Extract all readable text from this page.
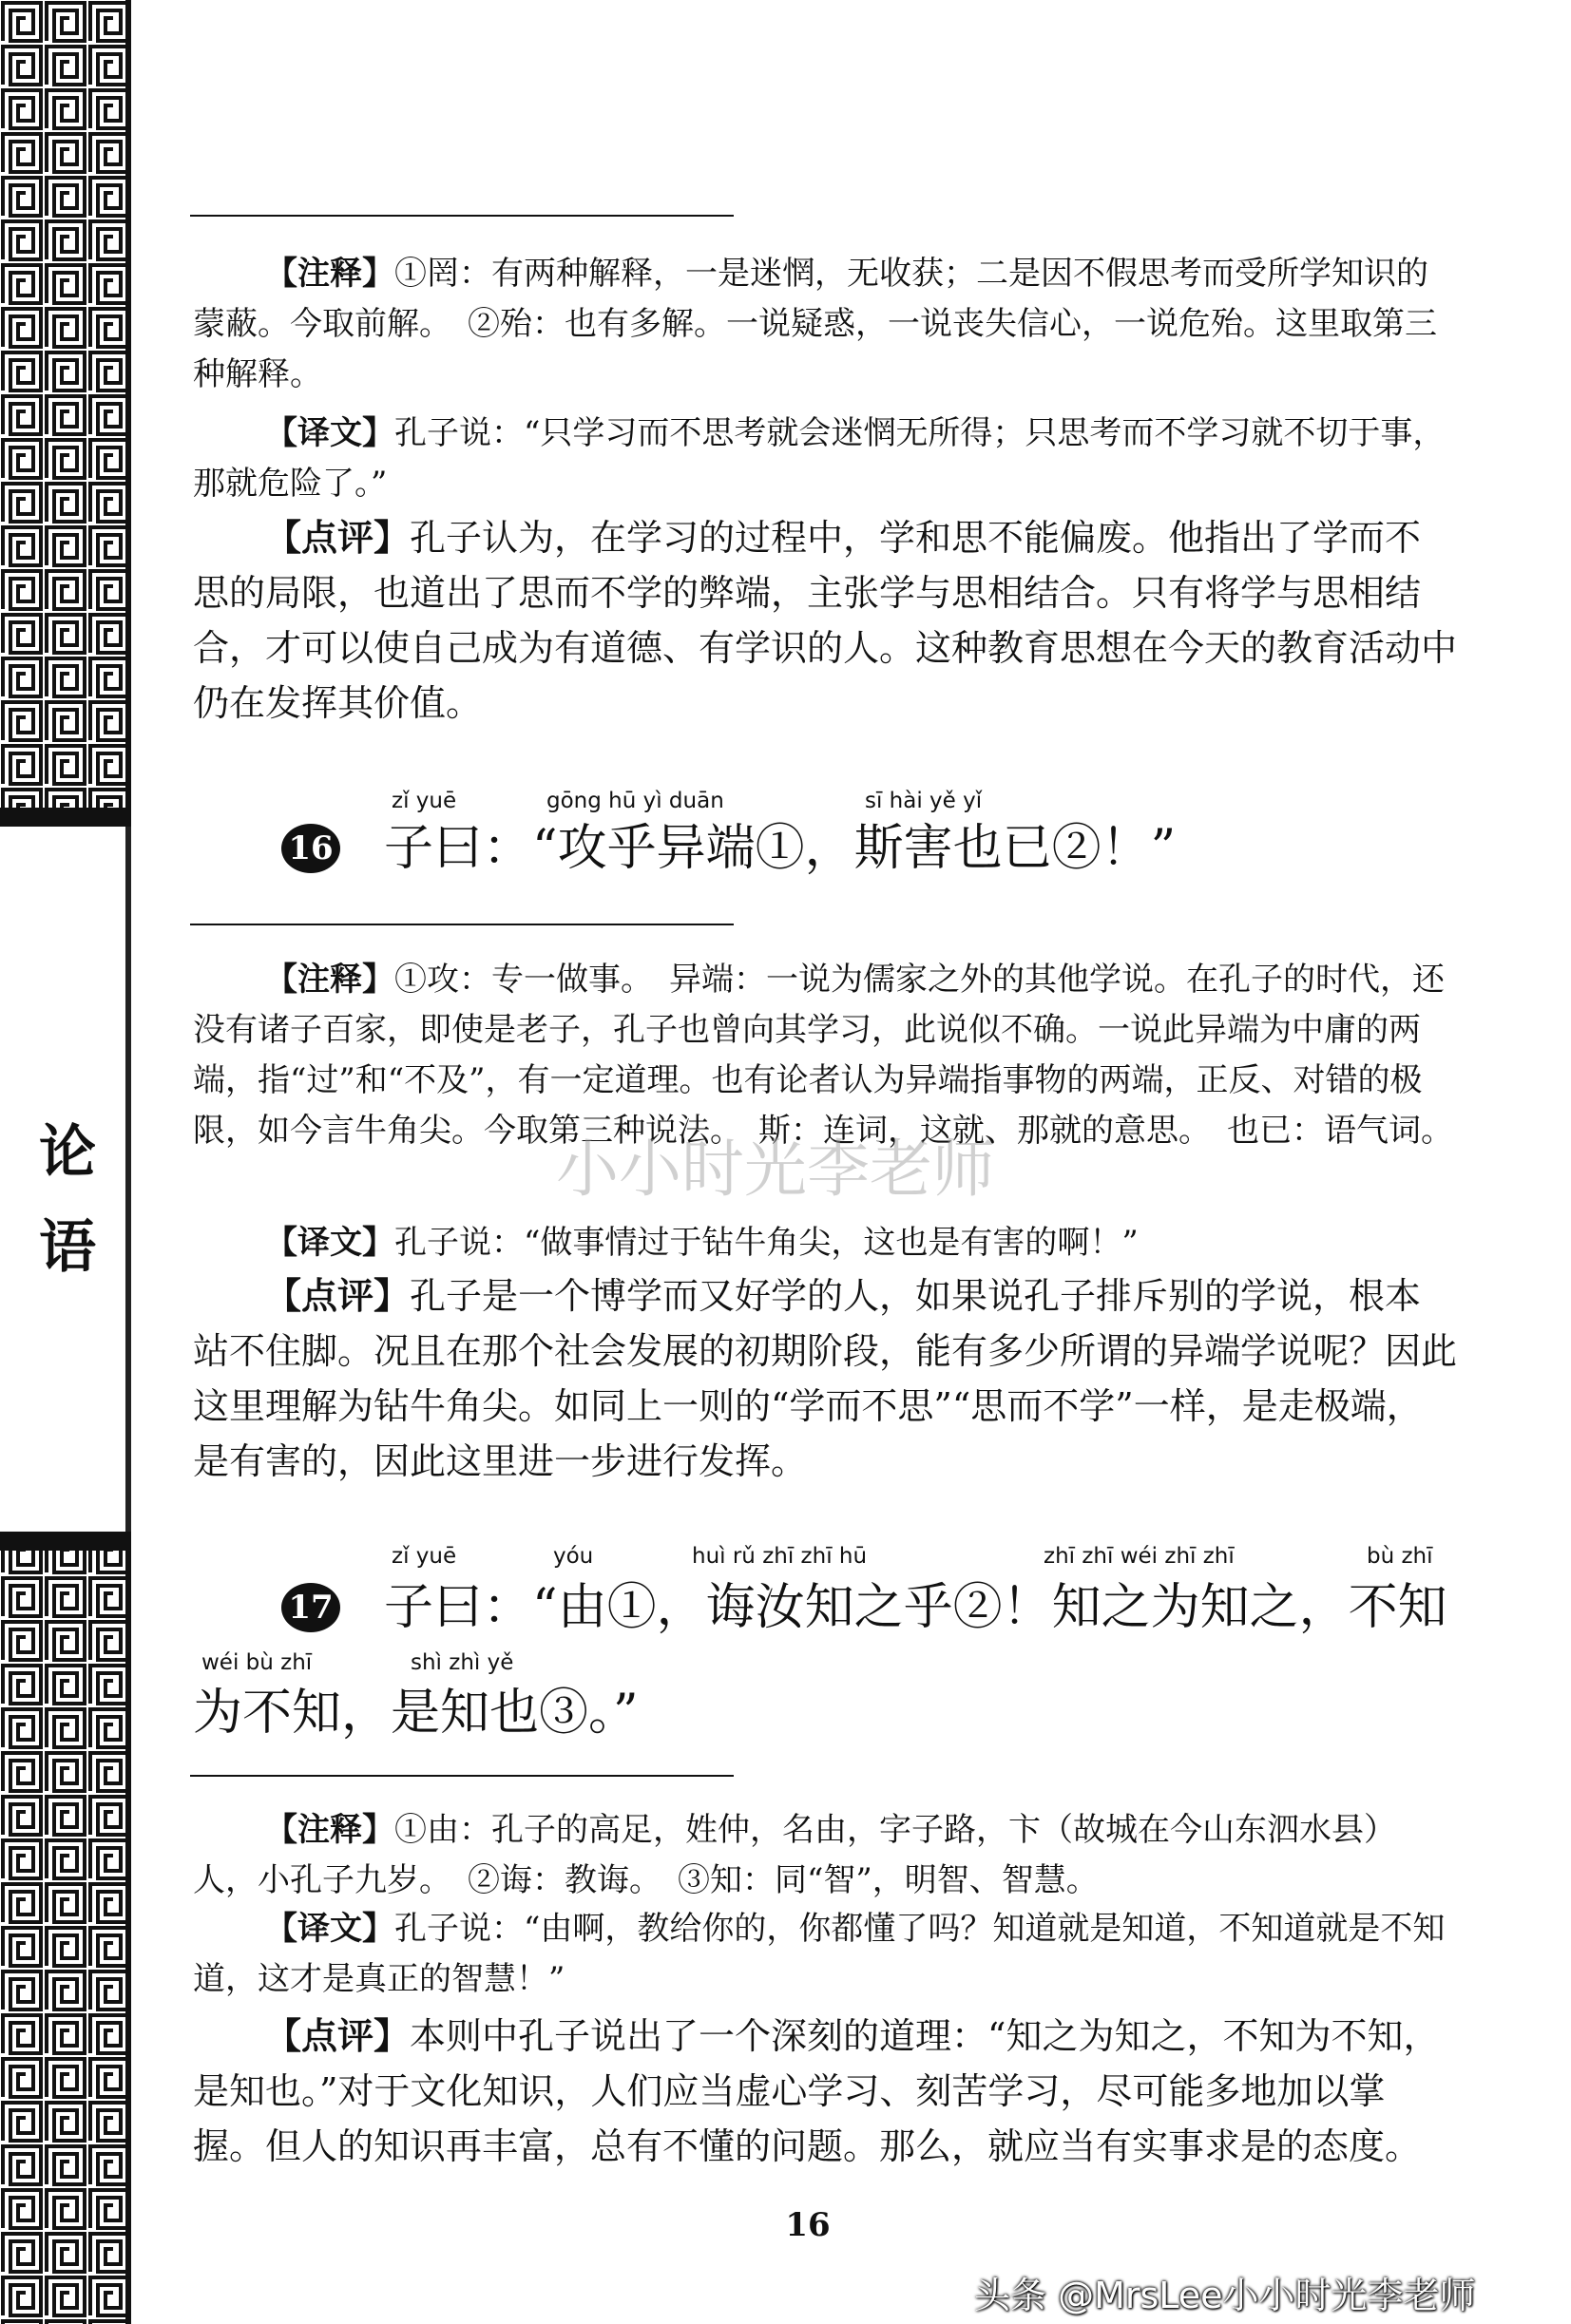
论
语

【注释】①罔：有两种解释，一是迷惘，无收获；二是因不假思考而受所学知识的蒙蔽。今取前解。　②殆：也有多解。一说疑惑，一说丧失信心，一说危殆。这里取第三种解释。

【译文】孔子说：“只学习而不思考就会迷惘无所得；只思考而不学习就不切于事，那就危险了。”

【点评】孔子认为，在学习的过程中，学和思不能偏废。他指出了学而不思的局限，也道出了思而不学的弊端，主张学与思相结合。只有将学与思相结合，才可以使自己成为有道德、有学识的人。这种教育思想在今天的教育活动中仍在发挥其价值。

zǐ yuē	gōng hū yì duān	sī hài yě yǐ
16 子曰：“攻乎异端①，斯害也已②！”

【注释】①攻：专一做事。　异端：一说为儒家之外的其他学说。在孔子的时代，还没有诸子百家，即使是老子，孔子也曾向其学习，此说似不确。一说此异端为中庸的两端，指“过”和“不及”，有一定道理。也有论者认为异端指事物的两端，正反、对错的极限，如今言牛角尖。今取第三种说法。　斯：连词，这就、那就的意思。　也已：语气词。

【译文】孔子说：“做事情过于钻牛角尖，这也是有害的啊！”

【点评】孔子是一个博学而又好学的人，如果说孔子排斥别的学说，根本站不住脚。况且在那个社会发展的初期阶段，能有多少所谓的异端学说呢？因此这里理解为钻牛角尖。如同上一则的“学而不思”“思而不学”一样，是走极端，是有害的，因此这里进一步进行发挥。

zǐ yuē	yóu	huì rǔ zhī zhī hū	zhī zhī wéi zhī zhī	bù zhī
17 子曰：“由①，诲汝知之乎②！知之为知之，不知
wéi bù zhī	shì zhì yě
为不知，是知也③。”

【注释】①由：孔子的高足，姓仲，名由，字子路，卞（故城在今山东泗水县）人，小孔子九岁。　②诲：教诲。　③知：同“智”，明智、智慧。

【译文】孔子说：“由啊，教给你的，你都懂了吗？知道就是知道，不知道就是不知道，这才是真正的智慧！”

【点评】本则中孔子说出了一个深刻的道理：“知之为知之，不知为不知，是知也。”对于文化知识，人们应当虚心学习、刻苦学习，尽可能多地加以掌握。但人的知识再丰富，总有不懂的问题。那么，就应当有实事求是的态度。

16
小小时光李老师
头条 @MrsLee小小时光李老师
